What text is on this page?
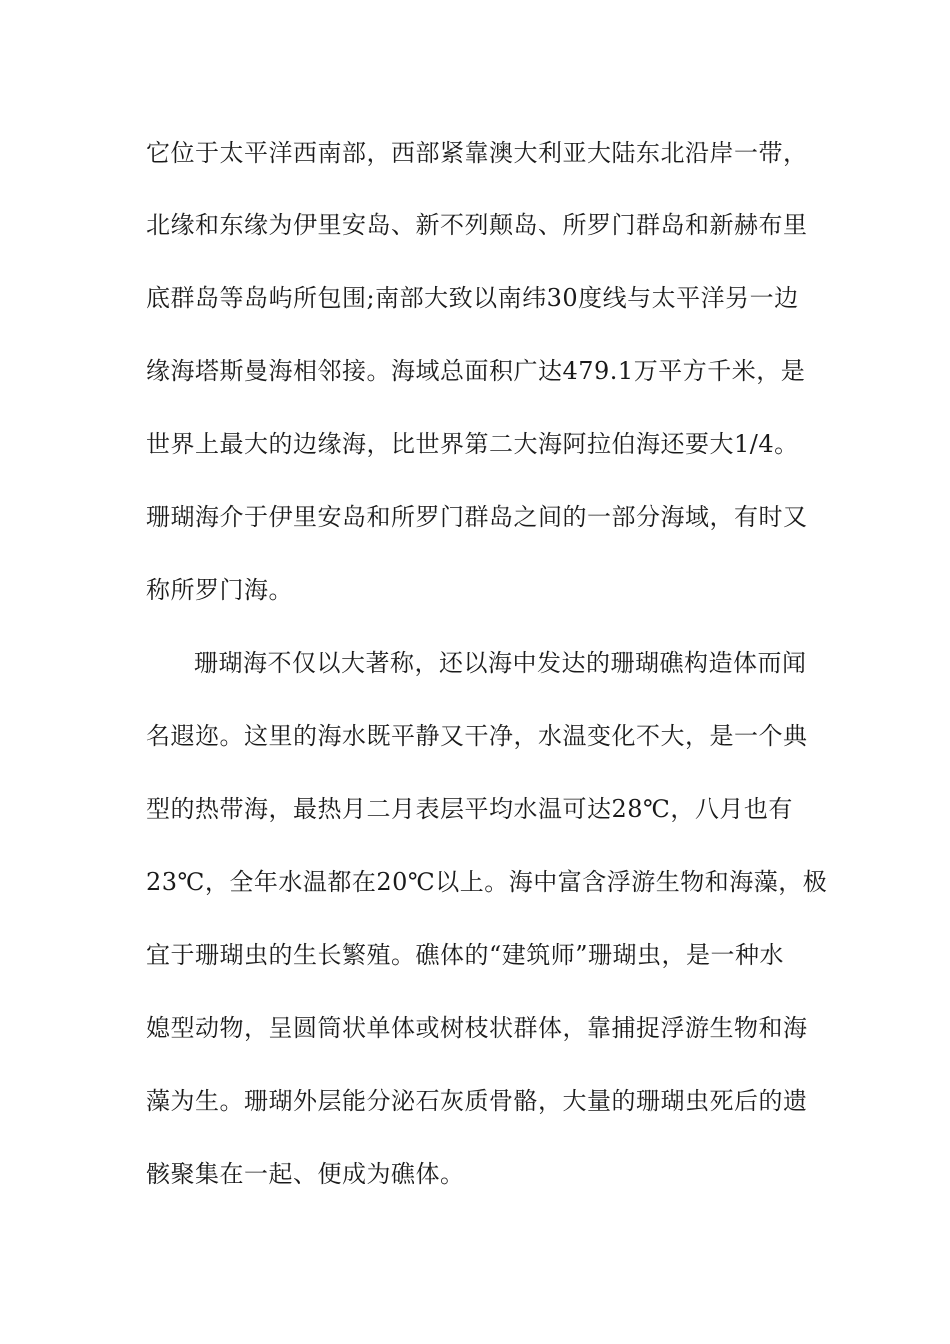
它位于太平洋西南部，西部紧靠澳大利亚大陆东北沿岸一带，
北缘和东缘为伊里安岛、新不列颠岛、所罗门群岛和新赫布里
底群岛等岛屿所包围;南部大致以南纬30度线与太平洋另一边
缘海塔斯曼海相邻接。海域总面积广达479.1万平方千米，是
世界上最大的边缘海，比世界第二大海阿拉伯海还要大1/4。
珊瑚海介于伊里安岛和所罗门群岛之间的一部分海域，有时又
称所罗门海。
珊瑚海不仅以大著称，还以海中发达的珊瑚礁构造体而闻
名遐迩。这里的海水既平静又干净，水温变化不大，是一个典
型的热带海，最热月二月表层平均水温可达28℃，八月也有
23℃，全年水温都在20℃以上。海中富含浮游生物和海藻，极
宜于珊瑚虫的生长繁殖。礁体的“建筑师”珊瑚虫，是一种水
媳型动物，呈圆筒状单体或树枝状群体，靠捕捉浮游生物和海
藻为生。珊瑚外层能分泌石灰质骨骼，大量的珊瑚虫死后的遗
骸聚集在一起、便成为礁体。
